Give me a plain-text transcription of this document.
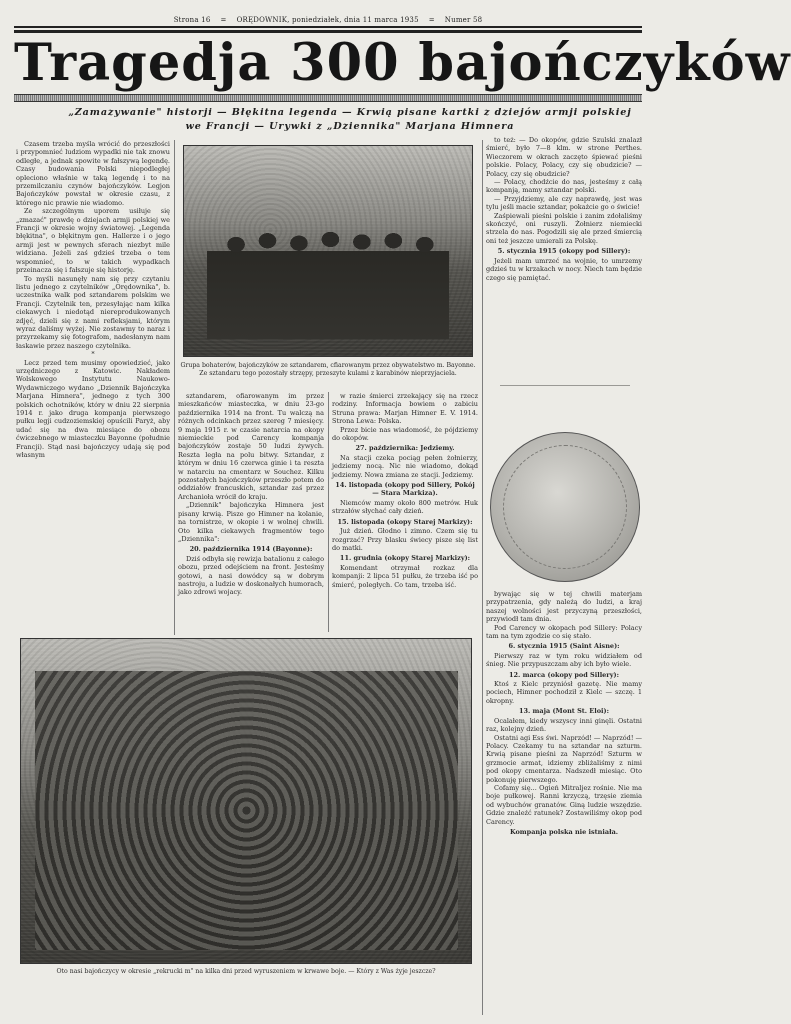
Strona 16 = ORĘDOWNIK, poniedziałek, dnia 11 marca 1935 = Numer 58
Tragedja 300 bajończyków
„Zamazywanie" historji — Błękitna legenda — Krwią pisane kartki z dziejów armji polskiej we Francji — Urywki z „Dziennika" Marjana Himnera

Czasem trzeba myśla wrócić do przeszłości i przypomnieć ludziom wypadki nie tak znowu odległe, a jednak spowite w fałszywą legendę. Czasy budowania Polski niepodległej opleciono właśnie w taką legendę i to na przemilczaniu czynów bajończyków. Legjon Bajończyków powstał w okresie czasu, z którego nic prawie nie wiadomo.

Ze szczególnym uporem usiłuje się „zmazać" prawdę o dziejach armji polskiej we Francji w okresie wojny światowej. „Legenda błękitna", o błękitnym gen. Hallerze i o jego armji jest w pewnych sferach niezbyt mile widziana. Jeżeli zaś gdzieś trzeba o tem wspomnieć, to w takich wypadkach przeinacza się i fałszuje się historję.

To myśli nasunęły nam się przy czytaniu listu jednego z czytelników „Orędownika", b. uczestnika walk pod sztandarem polskim we Francji. Czytelnik ten, przesyłając nam kilka ciekawych i niedotąd niereprodukowanych zdjęć, dzieli się z nami refleksjami, którym wyraz daliśmy wyżej. Nie zostawmy to naraz i przyrzekamy się fotografom, nadesłanym nam łaskawie przez naszego czytelnika.

*

Lecz przed tem musimy opowiedzieć, jako urzędniczego z Katowic. Nakładem Wolskowego Instytutu Naukowo-Wydawniczego wydano „Dziennik Bajończyka Marjana Himnera", jednego z tych 300 polskich ochotników, który w dniu 22 sierpnia 1914 r. jako druga kompanja pierwszego pułku legji cudzoziemskiej opuścili Paryż, aby udać się na dwa miesiące do obozu ćwiczebnego w miasteczku Bayonne (południe Francji). Stąd nasi bajończycy udają się pod własnym

Grupa bohaterów, bajończyków ze sztandarem, cfiarowanym przez obywatelstwo m. Bayonne. Ze sztandaru tego pozostały strzępy, przeszyte kulami z karabinów nieprzyjaciela.

sztandarem, ofiarowanym im przez mieszkańców miasteczka, w dniu 23-go października 1914 na front. Tu walczą na różnych odcinkach przez szereg 7 miesięcy. 9 maja 1915 r. w czasie natarcia na okopy niemieckie pod Carency kompanja bajończyków zostaje 50 ludzi żywych. Reszta legła na polu bitwy. Sztandar, z którym w dniu 16 czerwca ginie i ta reszta w natarciu na cmentarz w Souchez. Kilku pozostałych bajończyków przeszło potem do oddziałów francuskich, sztandar zaś przez Archanioła wrócił do kraju.

„Dziennik" bajończyka Himnera jest pisany krwią. Pisze go Himner na kolanie, na tornistrze, w okopie i w wolnej chwili. Oto kilka ciekawych fragmentów tego „Dziennika":

20. października 1914 (Bayonne):

Dziś odbyła się rewizja batalionu z całego obozu, przed odejściem na front. Jesteśmy gotowi, a nasi dowódcy są w dobrym nastroju, a ludzie w doskonałych humorach, jako zdrowi wojacy.

w razie śmierci zrzekający się na rzecz rodziny. Informacja bowiem o zabiciu Struna prawa: Marjan Himner E. V. 1914. Strona Lewa: Polska.

Przez bicie nas wiadomość, że pójdziemy do okopów.

27. października: Jedziemy.

Na stacji czeka pociąg pełen żołnierzy, jedziemy nocą. Nic nie wiadomo, dokąd jedziemy. Nowa zmiana ze stacji. Jedziemy.

14. listopada (okopy pod Sillery, Pokój — Stara Markiza).

Niemców mamy około 800 metrów. Huk strzałów słychać cały dzień.

15. listopada (okopy Starej Markizy):

Już dzień. Głodno i zimno. Czem się tu rozgrzać? Przy blasku świecy pisze się list do matki.

11. grudnia (okopy Starej Markizy):

Komendant otrzymał rozkaz dla kompanji: 2 lipca 51 pułku, że trzeba iść po śmierć, poległych. Co tam, trzeba iść.

to też: — Do okopów, gdzie Szulski znalazł śmierć, było 7—8 klm. w strone Perthes. Wieczorem w okrach zaczęto śpiewać pieśni polskie. Polacy, Polacy, czy się obudzicie? — Polacy, czy się obudzicie?

— Polacy, chodźcie do nas, jesteśmy z całą kompanją, mamy sztandar polski.

— Przyjdziemy, ale czy naprawdę, jest was tylu jeśli macie sztandar, pokażcie go o świcie!

Zaśpiewali pieśni polskie i zanim zdołaliśmy skończyć, oni ruszyli. Żołnierz niemiecki strzela do nas. Pogodzili się ale przed śmiercią oni też jeszcze umierali za Polskę.

5. stycznia 1915 (okopy pod Sillery):

Jeżeli mam umrzeć na wojnie, to umrzemy gdzieś tu w krzakach w nocy. Niech tam będzie czego się pamiętać.

bywając się w tej chwili materjam przypatrzenia, gdy należą do ludzi, a kraj naszej wolności jest przyczyną przeszłości, przywiodł tam dnia.

Pod Carency w okopach pod Sillery: Polacy tam na tym zgodzie co się stało.

6. stycznia 1915 (Saint Aisne):

Pierwszy raz w tym roku widziałem od śnieg. Nie przypuszczam aby ich było wiele.

12. marca (okopy pod Sillery):

Ktoś z Kielc przyniósł gazetę. Nie mamy pociech, Himner pochodził z Kielc — szczę. 1 okropny.

13. maja (Mont St. Eloi):

Ocalałem, kiedy wszyscy inni ginęli. Ostatni raz, kolejny dzień.

Ostatni agi Ess świ. Naprzód! — Naprzód! — Polacy. Czekamy tu na sztandar na szturm. Krwią pisane pieśni za Naprzód! Szturm w grzmocie armat, idziemy zbliżaliśmy z nimi pod okopy cmentarza. Nadszedł miesiąc. Oto pokonuję pierwszego.

Cofamy się... Ogień Mitraljez rośnie. Nie ma boje pułkowej. Ranni krzyczą, trzęsie ziemia od wybuchów granatów. Giną ludzie wszędzie. Gdzie znaleźć ratunek? Zostawiliśmy okop pod Carency.

Kompanja polska nie istniała.

Oto nasi bajończycy w okresie „rekrucki m" na kilka dni przed wyruszeniem w krwawe boje. — Który z Was żyje jeszcze?
